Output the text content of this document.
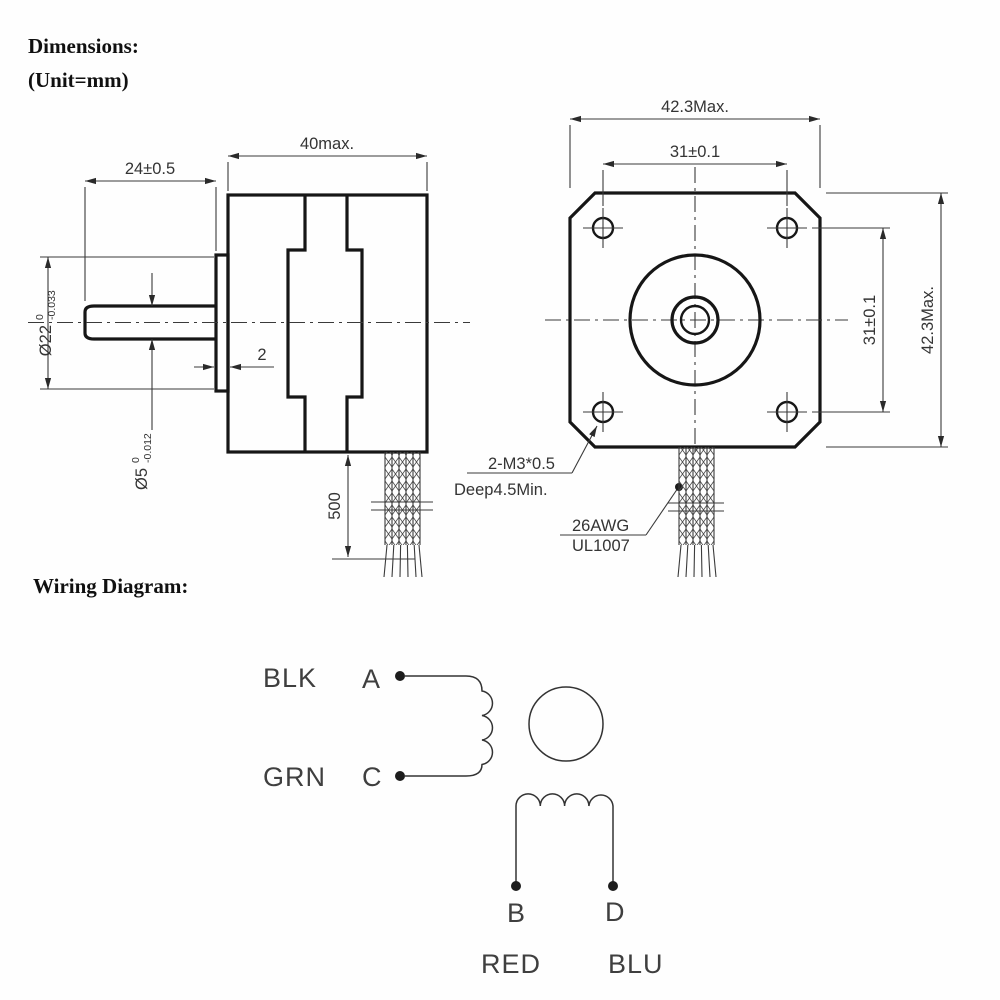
Dimensions:
(Unit=mm)
24±0.5
40max.
Ø22
0 -0.033
Ø5
0 -0.012
2
500
42.3Max.
31±0.1
31±0.1 42.3Max.
2-M3*0.5
Deep4.5Min.
26AWG
UL1007
Wiring Diagram:
BLK A
C
GRN
B	D
RED BLU
